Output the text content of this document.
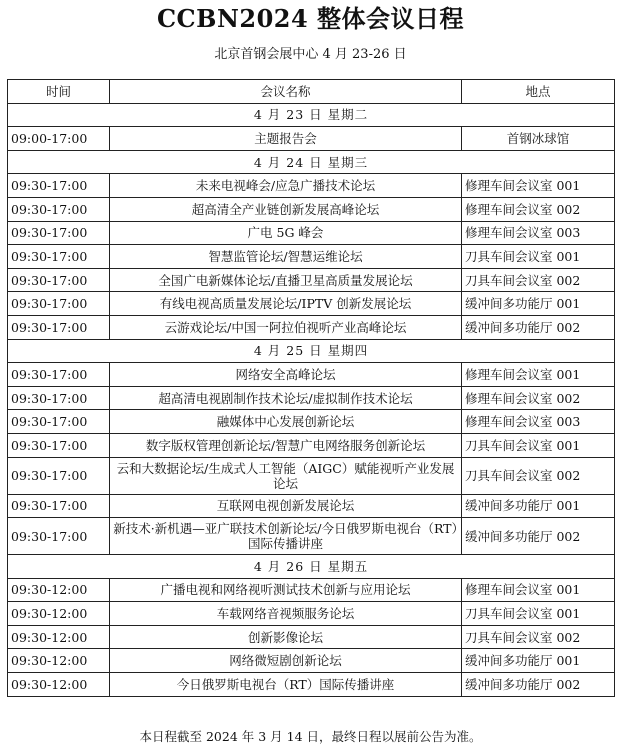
CCBN2024 整体会议日程
北京首钢会展中心 4 月 23-26 日
时间	会议名称	地点
4 月 23 日 星期二		
09:00-17:00	主题报告会	首钢冰球馆
4 月 24 日 星期三		
09:30-17:00	未来电视峰会/应急广播技术论坛	修理车间会议室 001
09:30-17:00	超高清全产业链创新发展高峰论坛	修理车间会议室 002
09:30-17:00	广电 5G 峰会	修理车间会议室 003
09:30-17:00	智慧监管论坛/智慧运维论坛	刀具车间会议室 001
09:30-17:00	全国广电新媒体论坛/直播卫星高质量发展论坛	刀具车间会议室 002
09:30-17:00	有线电视高质量发展论坛/IPTV 创新发展论坛	缓冲间多功能厅 001
09:30-17:00	云游戏论坛/中国一阿拉伯视听产业高峰论坛	缓冲间多功能厅 002
4 月 25 日 星期四		
09:30-17:00	网络安全高峰论坛	修理车间会议室 001
09:30-17:00	超高清电视剧制作技术论坛/虚拟制作技术论坛	修理车间会议室 002
09:30-17:00	融媒体中心发展创新论坛	修理车间会议室 003
09:30-17:00	数字版权管理创新论坛/智慧广电网络服务创新论坛	刀具车间会议室 001
09:30-17:00	云和大数据论坛/生成式人工智能（AIGC）赋能视听产业发展论坛	刀具车间会议室 002
09:30-17:00	互联网电视创新发展论坛	缓冲间多功能厅 001
09:30-17:00	新技术·新机遇—亚广联技术创新论坛/今日俄罗斯电视台（RT）国际传播讲座	缓冲间多功能厅 002
4 月 26 日 星期五		
09:30-12:00	广播电视和网络视听测试技术创新与应用论坛	修理车间会议室 001
09:30-12:00	车载网络音视频服务论坛	刀具车间会议室 001
09:30-12:00	创新影像论坛	刀具车间会议室 002
09:30-12:00	网络微短剧创新论坛	缓冲间多功能厅 001
09:30-12:00	今日俄罗斯电视台（RT）国际传播讲座	缓冲间多功能厅 002
本日程截至 2024 年 3 月 14 日，最终日程以展前公告为准。
